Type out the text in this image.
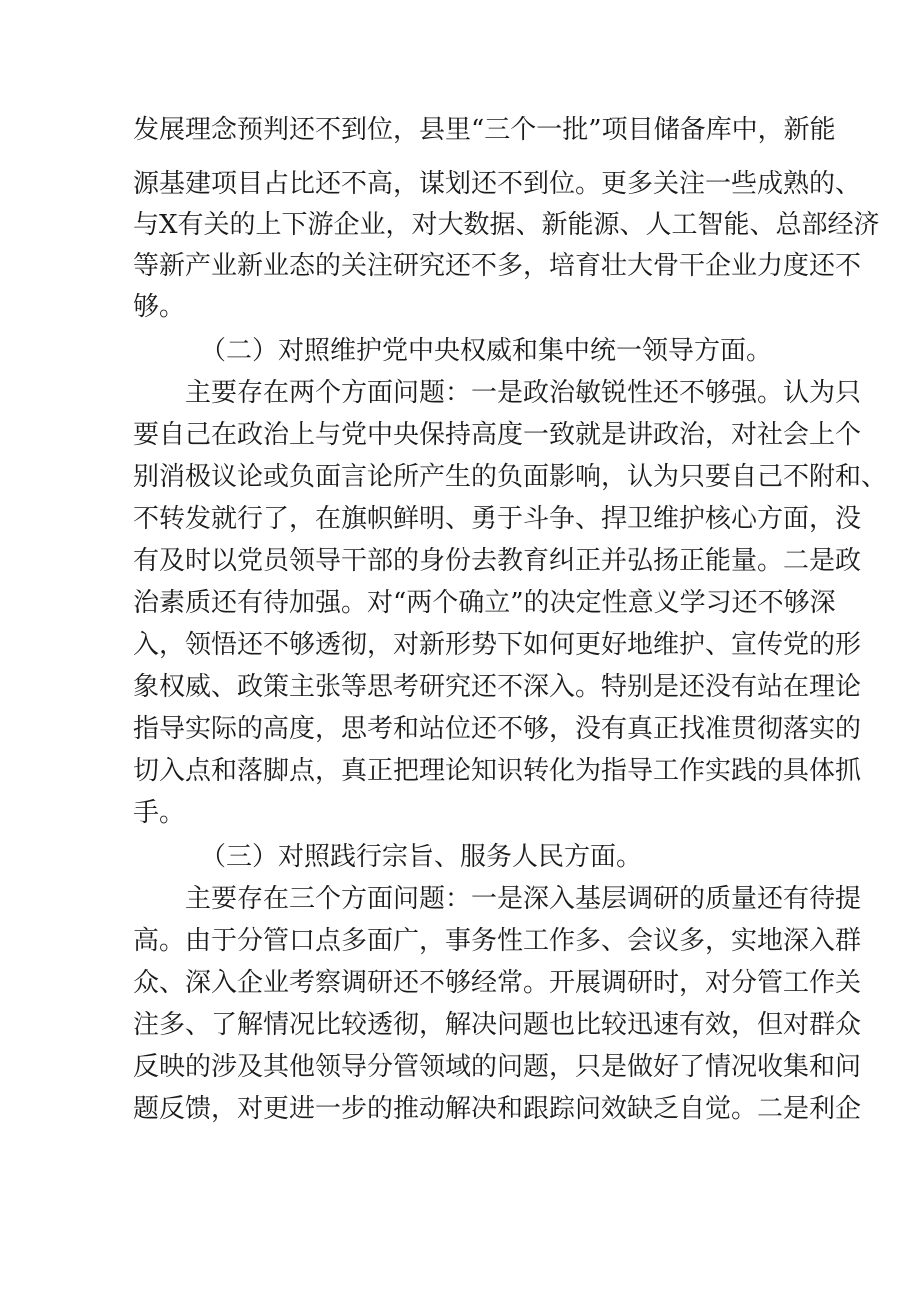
发展理念预判还不到位，县里“三个一批”项目储备库中，新能
源基建项目占比还不高，谋划还不到位。更多关注一些成熟的、
与X有关的上下游企业，对大数据、新能源、人工智能、总部经济
等新产业新业态的关注研究还不多，培育壮大骨干企业力度还不
够。
（二）对照维护党中央权威和集中统一领导方面。
主要存在两个方面问题：一是政治敏锐性还不够强。认为只
要自己在政治上与党中央保持高度一致就是讲政治，对社会上个
别消极议论或负面言论所产生的负面影响，认为只要自己不附和、
不转发就行了，在旗帜鲜明、勇于斗争、捍卫维护核心方面，没
有及时以党员领导干部的身份去教育纠正并弘扬正能量。二是政
治素质还有待加强。对“两个确立”的决定性意义学习还不够深
入，领悟还不够透彻，对新形势下如何更好地维护、宣传党的形
象权威、政策主张等思考研究还不深入。特别是还没有站在理论
指导实际的高度，思考和站位还不够，没有真正找准贯彻落实的
切入点和落脚点，真正把理论知识转化为指导工作实践的具体抓
手。
（三）对照践行宗旨、服务人民方面。
主要存在三个方面问题：一是深入基层调研的质量还有待提
高。由于分管口点多面广，事务性工作多、会议多，实地深入群
众、深入企业考察调研还不够经常。开展调研时，对分管工作关
注多、了解情况比较透彻，解决问题也比较迅速有效，但对群众
反映的涉及其他领导分管领域的问题，只是做好了情况收集和问
题反馈，对更进一步的推动解决和跟踪问效缺乏自觉。二是利企
